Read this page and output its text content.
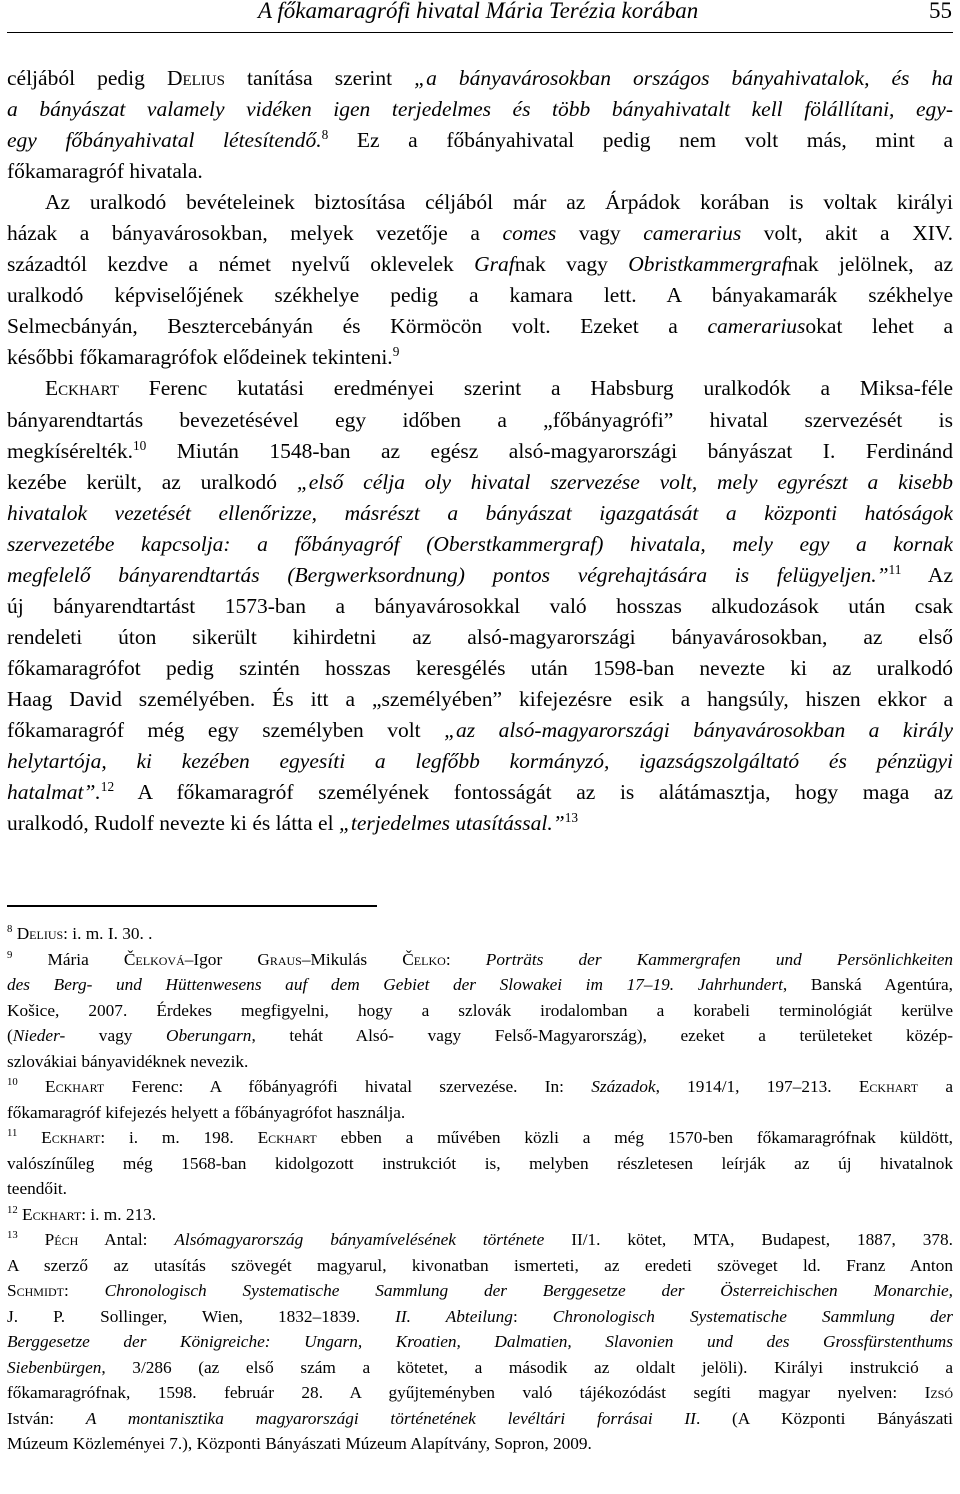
A főkamaragrófi hivatal Mária Terézia korában	55
céljából pedig Delius tanítása szerint „a bányavárosokban országos bányahivatalok, és ha
a bányászat valamely vidéken igen terjedelmes és több bányahivatalt kell fölállítani, egy-
egy főbányahivatal létesítendő.$^8$ Ez a főbányahivatal pedig nem volt más, mint a
főkamaragróf hivatala.
Az uralkodó bevételeinek biztosítása céljából már az Árpádok korában is voltak királyi
házak a bányavárosokban, melyek vezetője a comes vagy camerarius volt, akit a XIV.
századtól kezdve a német nyelvű oklevelek Grafnak vagy Obristkammergrafnak jelölnek, az
uralkodó képviselőjének székhelye pedig a kamara lett. A bányakamarák székhelye
Selmecbányán, Besztercebányán és Körmöcön volt. Ezeket a camerariusokat lehet a
későbbi főkamaragrófok elődeinek tekinteni.$^9$
Eckhart Ferenc kutatási eredményei szerint a Habsburg uralkodók a Miksa-féle
bányarendtartás bevezetésével egy időben a „főbányagrófi” hivatal szervezését is
megkísérelték.$^{10}$ Miután 1548-ban az egész alsó-magyarországi bányászat I. Ferdinánd
kezébe került, az uralkodó „első célja oly hivatal szervezése volt, mely egyrészt a kisebb
hivatalok vezetését ellenőrizze, másrészt a bányászat igazgatását a központi hatóságok
szervezetébe kapcsolja: a főbányagróf (Oberstkammergraf) hivatala, mely egy a kornak
megfelelő bányarendtartás (Bergwerksordnung) pontos végrehajtására is felügyeljen.”$^{11}$ Az
új bányarendtartást 1573-ban a bányavárosokkal való hosszas alkudozások után csak
rendeleti úton sikerült kihirdetni az alsó-magyarországi bányavárosokban, az első
főkamaragrófot pedig szintén hosszas keresgélés után 1598-ban nevezte ki az uralkodó
Haag David személyében. És itt a „személyében” kifejezésre esik a hangsúly, hiszen ekkor a
főkamaragróf még egy személyben volt „az alsó-magyarországi bányavárosokban a király
helytartója, ki kezében egyesíti a legfőbb kormányzó, igazságszolgáltató és pénzügyi
hatalmat”.$^{12}$ A főkamaragróf személyének fontosságát az is alátámasztja, hogy maga az
uralkodó, Rudolf nevezte ki és látta el „terjedelmes utasítással.”$^{13}$
$^8$ Delius: i. m. I. 30. .
$^9$ Mária Čelková–Igor Graus–Mikulás Čelko: Porträts der Kammergrafen und Persönlichkeiten
des Berg- und Hüttenwesens auf dem Gebiet der Slowakei im 17–19. Jahrhundert, Banská Agentúra,
Košice, 2007. Érdekes megfigyelni, hogy a szlovák irodalomban a korabeli terminológiát kerülve
(Nieder- vagy Oberungarn, tehát Alsó- vagy Felső-Magyarország), ezeket a területeket közép-
szlovákiai bányavidéknek nevezik.
$^{10}$ Eckhart Ferenc: A főbányagrófi hivatal szervezése. In: Századok, 1914/1, 197–213. Eckhart a
főkamaragróf kifejezés helyett a főbányagrófot használja.
$^{11}$ Eckhart: i. m. 198. Eckhart ebben a művében közli a még 1570-ben főkamaragrófnak küldött,
valószínűleg még 1568-ban kidolgozott instrukciót is, melyben részletesen leírják az új hivatalnok
teendőit.
$^{12}$ Eckhart: i. m. 213.
$^{13}$ Péch Antal: Alsómagyarország bányamívelésének története II/1. kötet, MTA, Budapest, 1887, 378.
A szerző az utasítás szövegét magyarul, kivonatban ismerteti, az eredeti szöveget ld. Franz Anton
Schmidt: Chronologisch Systematische Sammlung der Berggesetze der Österreichischen Monarchie,
J. P. Sollinger, Wien, 1832–1839. II. Abteilung: Chronologisch Systematische Sammlung der
Berggesetze der Königreiche: Ungarn, Kroatien, Dalmatien, Slavonien und des Grossfürstenthums
Siebenbürgen, 3/286 (az első szám a kötetet, a második az oldalt jelöli). Királyi instrukció a
főkamaragrófnak, 1598. február 28. A gyűjteményben való tájékozódást segíti magyar nyelven: Izsó
István: A montanisztika magyarországi történetének levéltári forrásai II. (A Központi Bányászati
Múzeum Közleményei 7.), Központi Bányászati Múzeum Alapítvány, Sopron, 2009.
